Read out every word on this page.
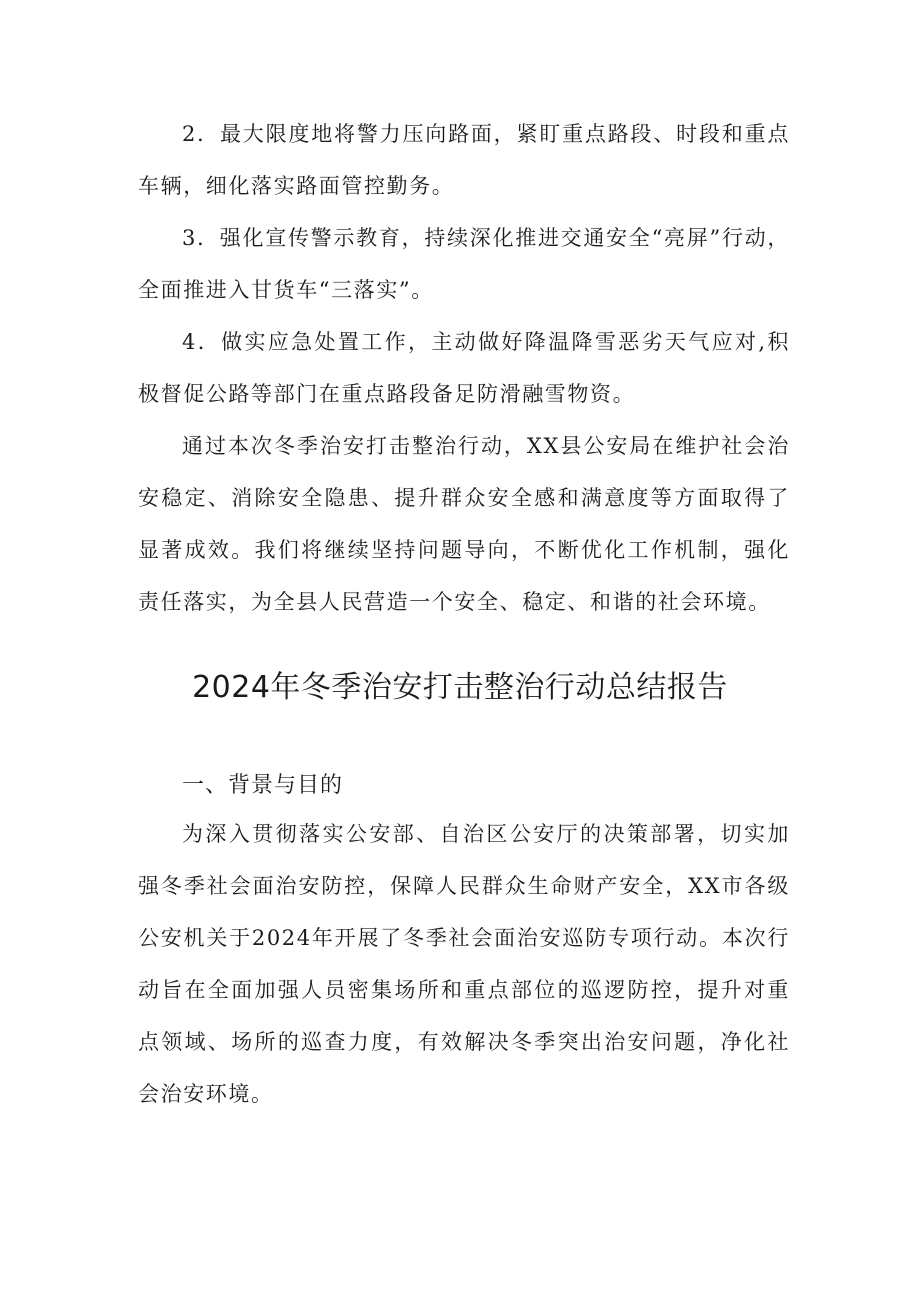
2．最大限度地将警力压向路面，紧盯重点路段、时段和重点车辆，细化落实路面管控勤务。

3．强化宣传警示教育，持续深化推进交通安全“亮屏”行动，全面推进入甘货车“三落实”。

4．做实应急处置工作，主动做好降温降雪恶劣天气应对,积极督促公路等部门在重点路段备足防滑融雪物资。

通过本次冬季治安打击整治行动，XX县公安局在维护社会治安稳定、消除安全隐患、提升群众安全感和满意度等方面取得了显著成效。我们将继续坚持问题导向，不断优化工作机制，强化责任落实，为全县人民营造一个安全、稳定、和谐的社会环境。

2024年冬季治安打击整治行动总结报告
一、背景与目的

为深入贯彻落实公安部、自治区公安厅的决策部署，切实加强冬季社会面治安防控，保障人民群众生命财产安全，XX市各级公安机关于2024年开展了冬季社会面治安巡防专项行动。本次行动旨在全面加强人员密集场所和重点部位的巡逻防控，提升对重点领域、场所的巡查力度，有效解决冬季突出治安问题，净化社会治安环境。
